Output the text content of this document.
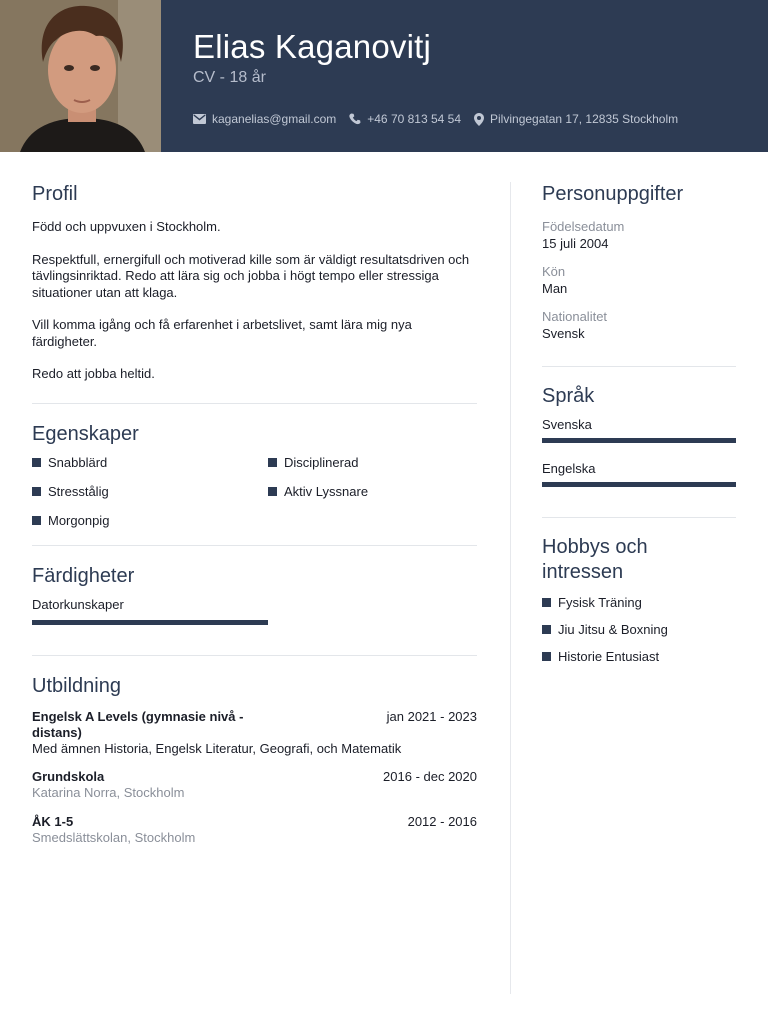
Elias Kaganovitj
CV - 18 år
kaganelias@gmail.com	+46 70 813 54 54 Pilvingegatan 17, 12835 Stockholm
Profil

Född och uppvuxen i Stockholm.

Respektfull, ernergifull och motiverad kille som är väldigt resultatsdriven och tävlingsinriktad. Redo att lära sig och jobba i högt tempo eller stressiga situationer utan att klaga.

Vill komma igång och få erfarenhet i arbetslivet, samt lära mig nya färdigheter.

Redo att jobba heltid.

Egenskaper
Snabblärd	Disciplinerad
Stresstålig	Aktiv Lyssnare
Morgonpig
Färdigheter
Datorkunskaper
Utbildning
Engelsk A Levels (gymnasie nivå - distans)
jan 2021 - 2023
Med ämnen Historia, Engelsk Literatur, Geografi, och Matematik
Grundskola	2016 - dec 2020
Katarina Norra, Stockholm
ÅK 1-5	2012 - 2016
Smedslättskolan, Stockholm
Personuppgifter
Födelsedatum
15 juli 2004
Kön
Man
Nationalitet
Svensk
Språk
Svenska
Engelska
Hobbys och
intressen
Fysisk Träning
Jiu Jitsu & Boxning
Historie Entusiast
